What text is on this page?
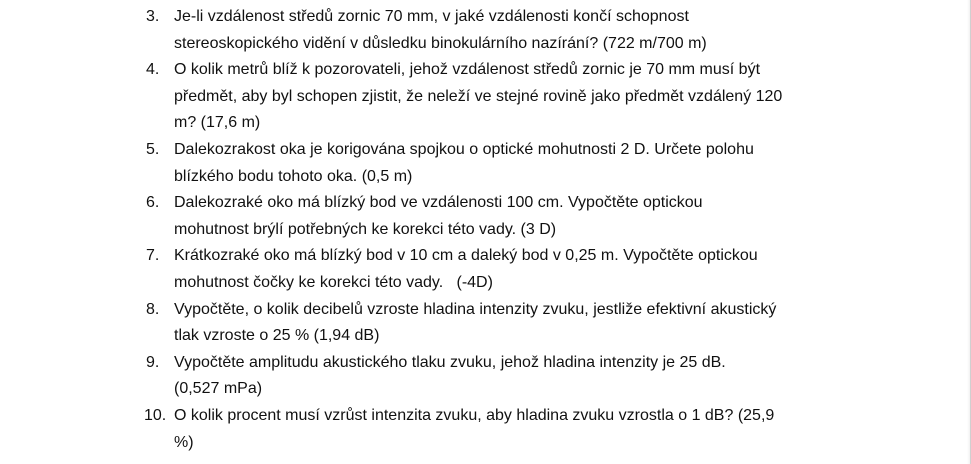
3. Je-li vzdálenost středů zornic 70 mm, v jaké vzdálenosti končí schopnost
stereoskopického vidění v důsledku binokulárního nazírání? (722 m/700 m)
4. O kolik metrů blíž k pozorovateli, jehož vzdálenost středů zornic je 70 mm musí být
předmět, aby byl schopen zjistit, že neleží ve stejné rovině jako předmět vzdálený 120
m? (17,6 m)
5. Dalekozrakost oka je korigována spojkou o optické mohutnosti 2 D. Určete polohu
blízkého bodu tohoto oka. (0,5 m)
6. Dalekozraké oko má blízký bod ve vzdálenosti 100 cm. Vypočtěte optickou
mohutnost brýlí potřebných ke korekci této vady. (3 D)
7. Krátkozraké oko má blízký bod v 10 cm a daleký bod v 0,25 m. Vypočtěte optickou
mohutnost čočky ke korekci této vady.   (-4D)
8. Vypočtěte, o kolik decibelů vzroste hladina intenzity zvuku, jestliže efektivní akustický
tlak vzroste o 25 % (1,94 dB)
9. Vypočtěte amplitudu akustického tlaku zvuku, jehož hladina intenzity je 25 dB.
(0,527 mPa)
10. O kolik procent musí vzrůst intenzita zvuku, aby hladina zvuku vzrostla o 1 dB? (25,9
%)
